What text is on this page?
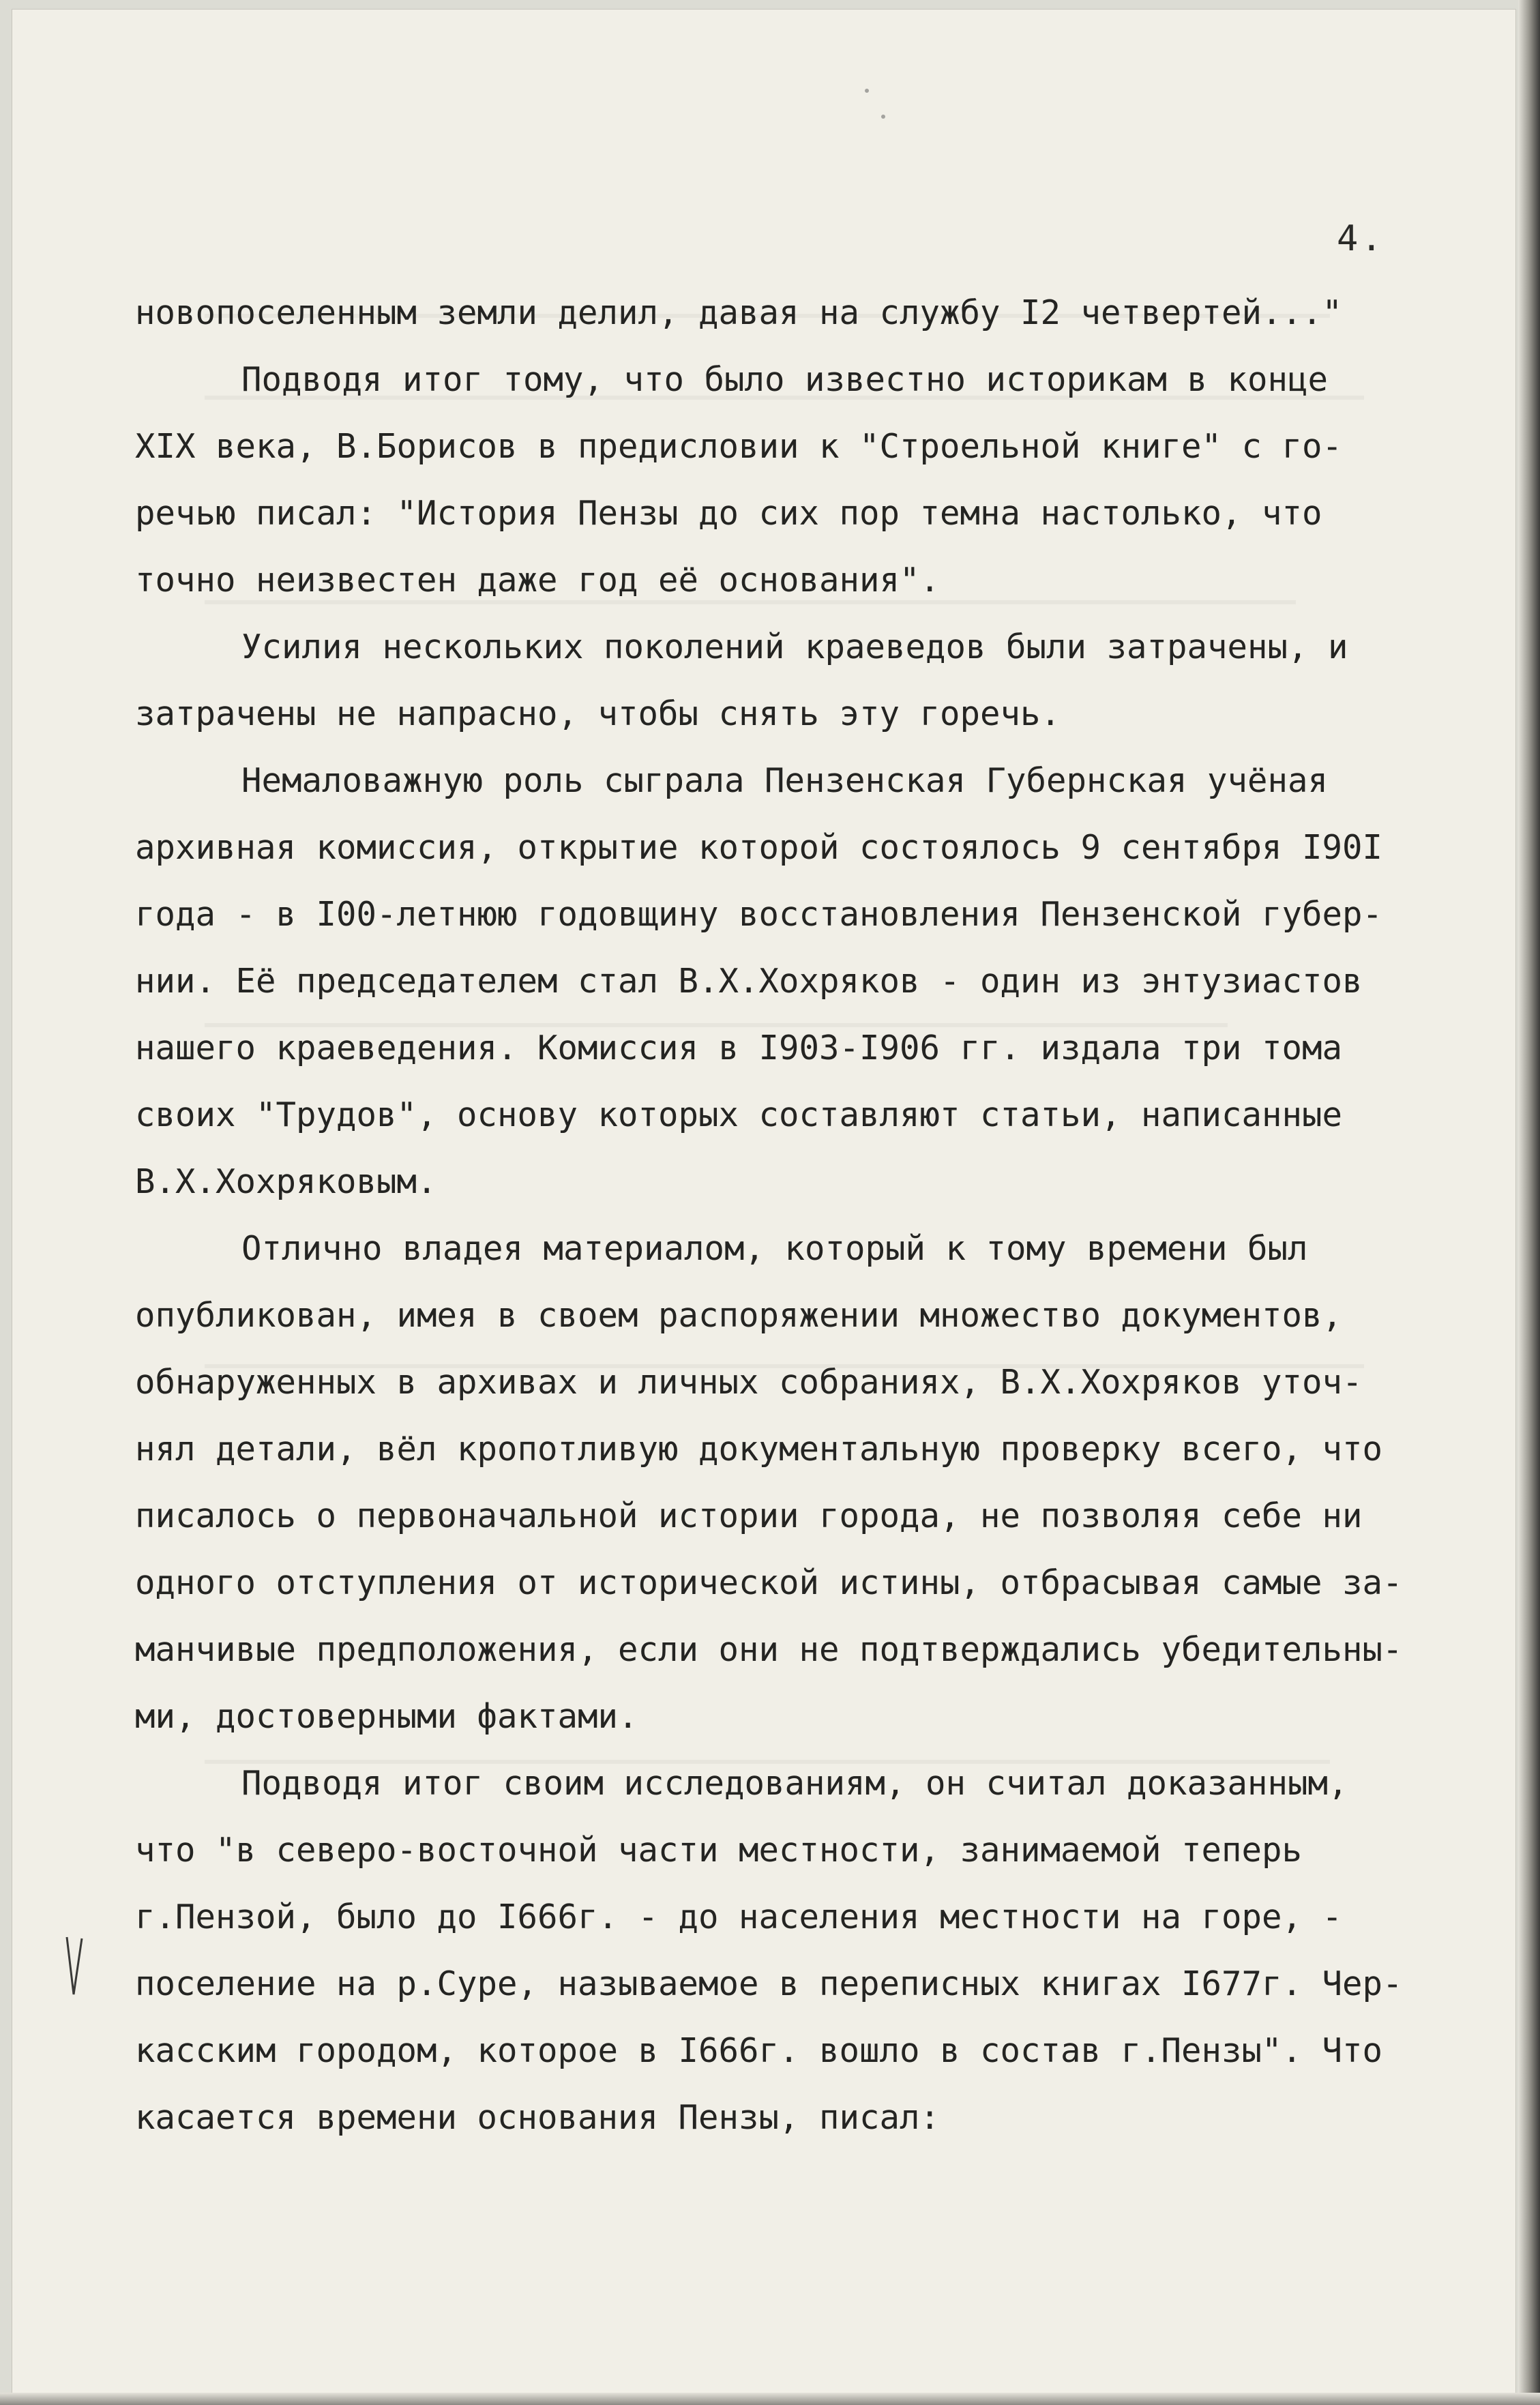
4.
новопоселенным земли делил, давая на службу I2 четвертей..."
Подводя итог тому, что было известно историкам в конце
XIX века, В.Борисов в предисловии к "Строельной книге" с го-
речью писал: "История Пензы до сих пор темна настолько, что
точно неизвестен даже год её основания".
Усилия нескольких поколений краеведов были затрачены, и
затрачены не напрасно, чтобы снять эту горечь.
Немаловажную роль сыграла Пензенская Губернская учёная
архивная комиссия, открытие которой состоялось 9 сентября I90I
года - в I00-летнюю годовщину восстановления Пензенской губер-
нии. Её председателем стал В.Х.Хохряков - один из энтузиастов
нашего краеведения. Комиссия в I903-I906 гг. издала три тома
своих "Трудов", основу которых составляют статьи, написанные
В.Х.Хохряковым.
Отлично владея материалом, который к тому времени был
опубликован, имея в своем распоряжении множество документов,
обнаруженных в архивах и личных собраниях, В.Х.Хохряков уточ-
нял детали, вёл кропотливую документальную проверку всего, что
писалось о первоначальной истории города, не позволяя себе ни
одного отступления от исторической истины, отбрасывая самые за-
манчивые предположения, если они не подтверждались убедительны-
ми, достоверными фактами.
Подводя итог своим исследованиям, он считал доказанным,
что "в северо-восточной части местности, занимаемой теперь
г.Пензой, было до I666г. - до населения местности на горе, -
поселение на р.Суре, называемое в переписных книгах I677г. Чер-
касским городом, которое в I666г. вошло в состав г.Пензы". Что
касается времени основания Пензы, писал:
